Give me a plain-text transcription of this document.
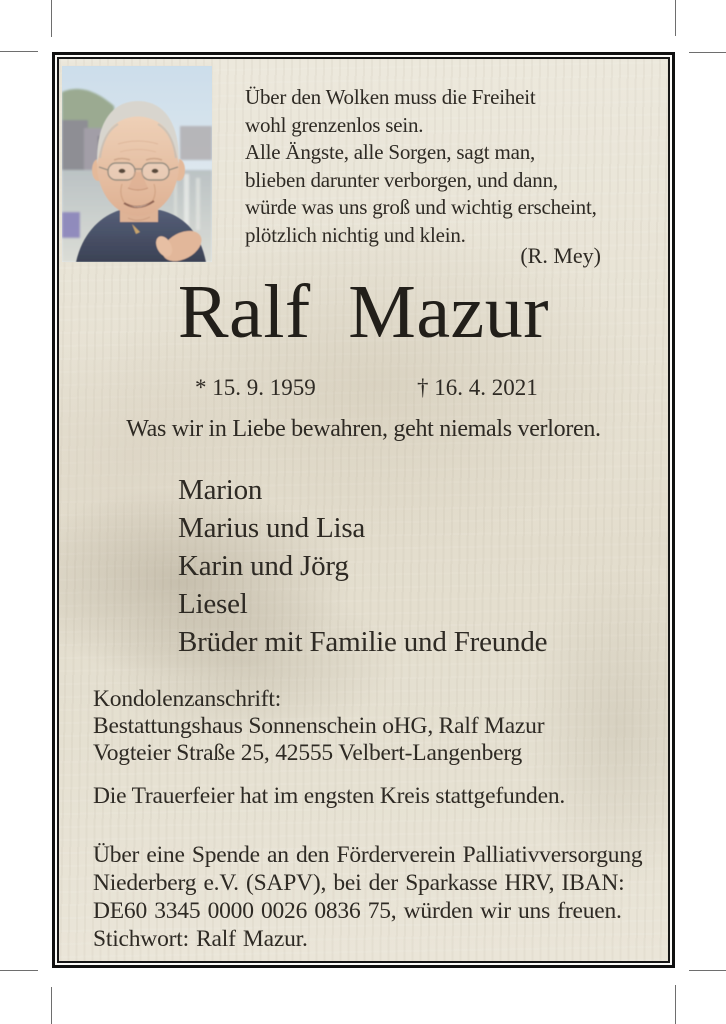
Über den Wolken muss die Freiheit
wohl grenzenlos sein.
Alle Ängste, alle Sorgen, sagt man,
blieben darunter verborgen, und dann,
würde was uns groß und wichtig erscheint,
plötzlich nichtig und klein.
(R. Mey)
Ralf Mazur
* 15. 9. 1959	† 16. 4. 2021
Was wir in Liebe bewahren, geht niemals verloren.
Marion
Marius und Lisa
Karin und Jörg
Liesel
Brüder mit Familie und Freunde
Kondolenzanschrift:
Bestattungshaus Sonnenschein oHG, Ralf Mazur
Vogteier Straße 25, 42555 Velbert-Langenberg
Die Trauerfeier hat im engsten Kreis stattgefunden.
Über eine Spende an den Förderverein Palliativversorgung
Niederberg e.V. (SAPV), bei der Sparkasse HRV, IBAN:
DE60 3345 0000 0026 0836 75, würden wir uns freuen.
Stichwort: Ralf Mazur.
